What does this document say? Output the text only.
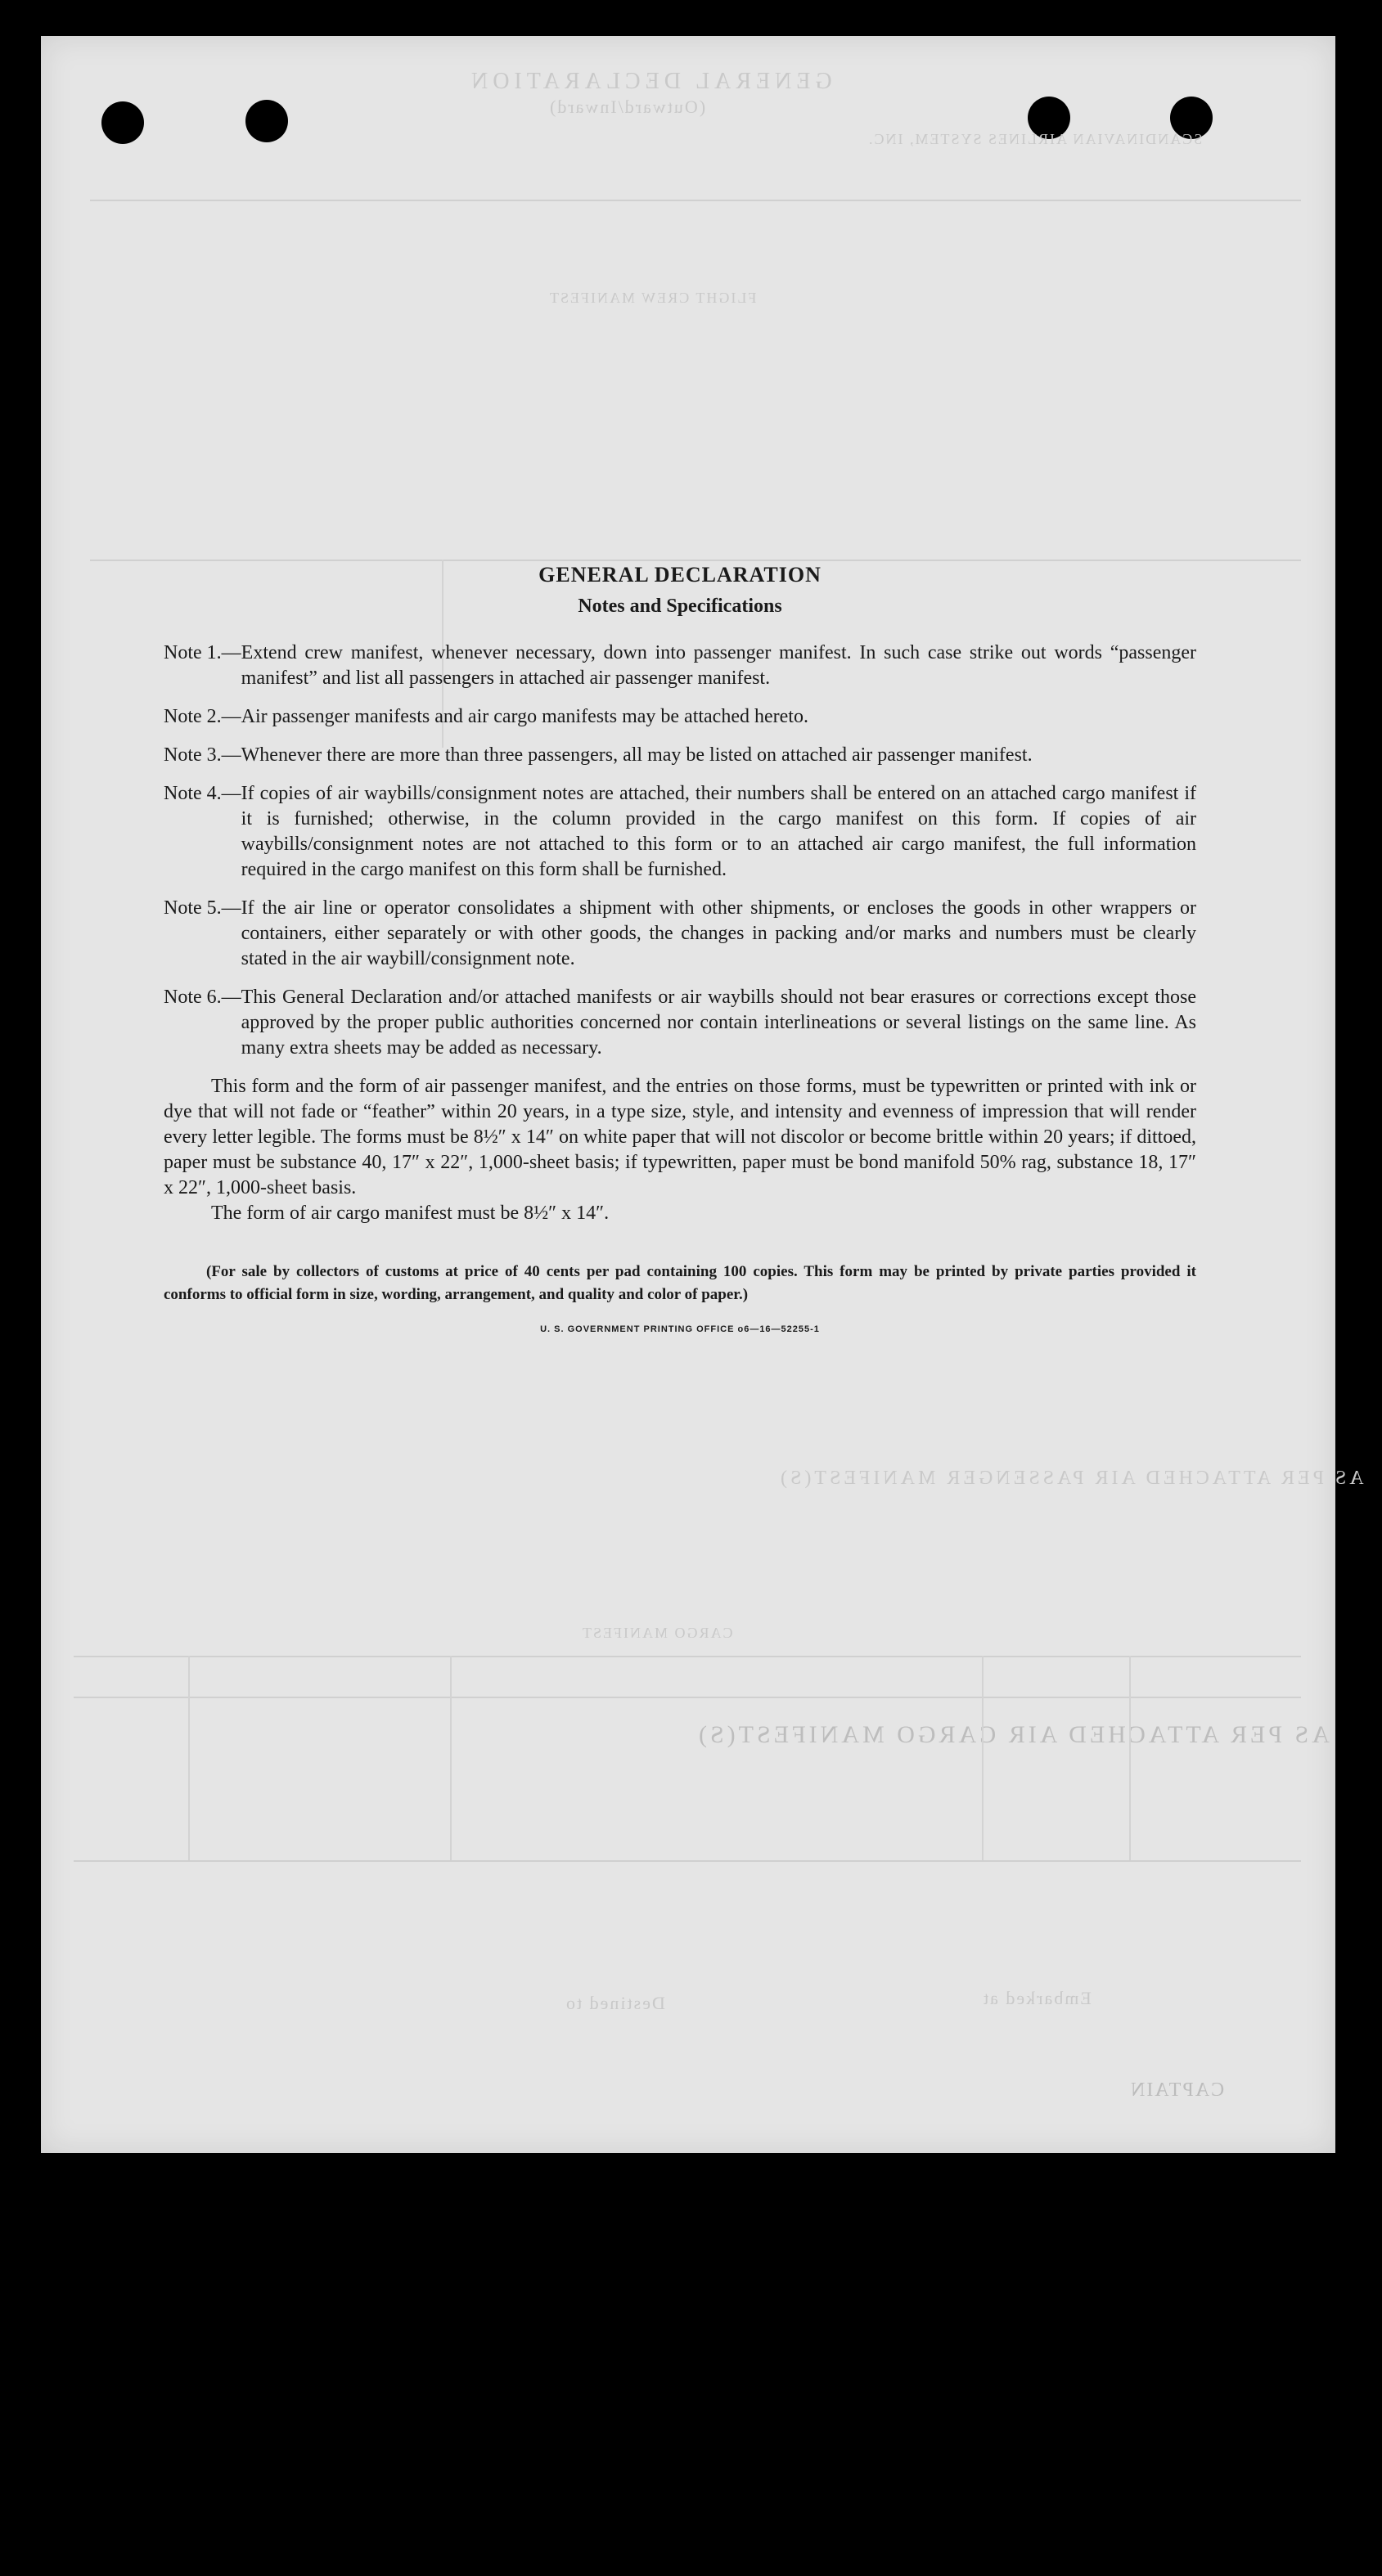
GENERAL DECLARATION
(Outward/Inward)
SCANDINAVIAN AIRLINES SYSTEM, INC.
FLIGHT CREW MANIFEST
AS PER ATTACHED AIR PASSENGER MANIFEST(S)
CARGO MANIFEST
AS PER ATTACHED AIR CARGO MANIFEST(S)
Embarked at
Destined to
CAPTAIN
GENERAL DECLARATION
Notes and Specifications
Note 1. — Extend crew manifest, whenever necessary, down into passenger manifest. In such case strike out words “passenger manifest” and list all passengers in attached air passenger manifest.
Note 2. — Air passenger manifests and air cargo manifests may be attached hereto.
Note 3. — Whenever there are more than three passengers, all may be listed on attached air passenger manifest.
Note 4. — If copies of air waybills/consignment notes are attached, their numbers shall be entered on an attached cargo manifest if it is furnished; otherwise, in the column provided in the cargo manifest on this form. If copies of air waybills/consignment notes are not attached to this form or to an attached air cargo manifest, the full information required in the cargo manifest on this form shall be furnished.
Note 5. — If the air line or operator consolidates a shipment with other shipments, or encloses the goods in other wrappers or containers, either separately or with other goods, the changes in packing and/or marks and numbers must be clearly stated in the air waybill/consignment note.
Note 6. — This General Declaration and/or attached manifests or air waybills should not bear erasures or corrections except those approved by the proper public authorities concerned nor contain interlineations or several listings on the same line. As many extra sheets may be added as necessary.

This form and the form of air passenger manifest, and the entries on those forms, must be typewritten or printed with ink or dye that will not fade or “feather” within 20 years, in a type size, style, and intensity and evenness of impression that will render every letter legible. The forms must be 8½″ x 14″ on white paper that will not discolor or become brittle within 20 years; if dittoed, paper must be substance 40, 17″ x 22″, 1,000-sheet basis; if typewritten, paper must be bond manifold 50% rag, substance 18, 17″ x 22″, 1,000-sheet basis.

The form of air cargo manifest must be 8½″ x 14″.

(For sale by collectors of customs at price of 40 cents per pad containing 100 copies. This form may be printed by private parties provided it conforms to official form in size, wording, arrangement, and quality and color of paper.)

U. S. GOVERNMENT PRINTING OFFICE o6—16—52255-1
